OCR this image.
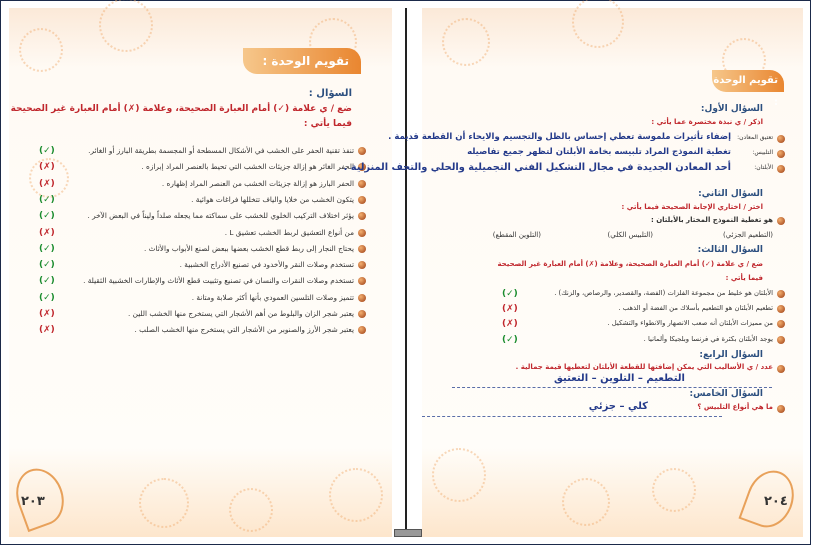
تقويم الوحدة :
السؤال :
ضع / ي علامة (✓) أمام العبارة الصحيحة، وعلامة (✗) أمام العبارة غير الصحيحة
فيما يأتي :
تنفذ تقنية الحفر على الخشب في الأشكال المسطحة أو المجسمة بطريقة البارز أو الغائر.
(✓)
الحفر الغائر هو إزالة جزيئات الخشب التي تحيط بالعنصر المراد إبرازه .
(✗)
الحفر البارز هو إزالة جزيئات الخشب من العنصر المراد إظهاره .
(✗)
يتكون الخشب من خلايا والياف تتخللها فراغات هوائية .
(✓)
يؤثر اختلاف التركيب الخلوي للخشب على سماكته مما يجعله صلداً وليناً في البعض الآخر .
(✓)
من أنواع التعشيق لربط الخشب تعشيق L .
(✗)
يحتاج النجار إلى ربط قطع الخشب بعضها ببعض لصنع الأبواب والأثاث .
(✓)
تستخدم وصلات النقر والأخدود في تصنيع الأدراج الخشبية .
(✓)
تستخدم وصلات النقرات والنسان في تصنيع وتثبيت قطع الأثاث والإطارات الخشبية الثقيلة .
(✓)
تتميز وصلات التلسين العمودي بأنها أكثر صلابة ومتانة .
(✓)
يعتبر شجر الزان والبلوط من أهم الأشجار التي يستخرج منها الخشب اللين .
(✗)
يعتبر شجر الأرز والصنوبر من الأشجار التي يستخرج منها الخشب الصلب .
(✗)
٢٠٣
تقويم الوحدة :
السؤال الأول:
اذكر / ي نبذة مختصرة عما يأتي :
تعتيق المعادن:
إضفاء تأثيرات ملموسة تعطي إحساس بالظل والتجسيم والايحاء أن القطعة قديمة .
التلبيس:
تغطية النموذج المراد تلبيسه بخامة الأبلتان لتظهر جميع تفاصيله
الأبلتان:
أحد المعادن الجديدة في مجال التشكيل الفني التجميلية والحلي والتحف المنزلية .
السؤال الثاني:
اختر / اختاري الإجابة الصحيحة فيما يأتي :
هو تغطية النموذج المختار بالأبلتان :
(التطعيم الجزئي)
(التلبيس الكلي)
(التلوين المقطع)
السؤال الثالث:
ضع / ي علامة (✓) أمام العبارة الصحيحة، وعلامة (✗) أمام العبارة غير الصحيحة
فيما يأتي :
الأبلتان هو خليط من مجموعة الفلزات (الفضة، والقصدير، والرصاص، والزنك) .
(✓)
تطعيم الأبلتان هو التطعيم بأسلاك من الفضة أو الذهب .
(✗)
من مميزات الأبلتان أنه صعب الانصهار والانطواء والتشكيل .
(✗)
يوجد الأبلتان بكثرة في فرنسا وبلجيكا وألمانيا .
(✓)
السؤال الرابع:
عدد / ي الأساليب التي يمكن إضافتها للقطعة الأبلتان لتعطيها قيمة جمالية .
التطعيم – التلوين – التعتيق
السؤال الخامس:
ما هي أنواع التلبيس ؟
كلي – جزئي
٢٠٤
